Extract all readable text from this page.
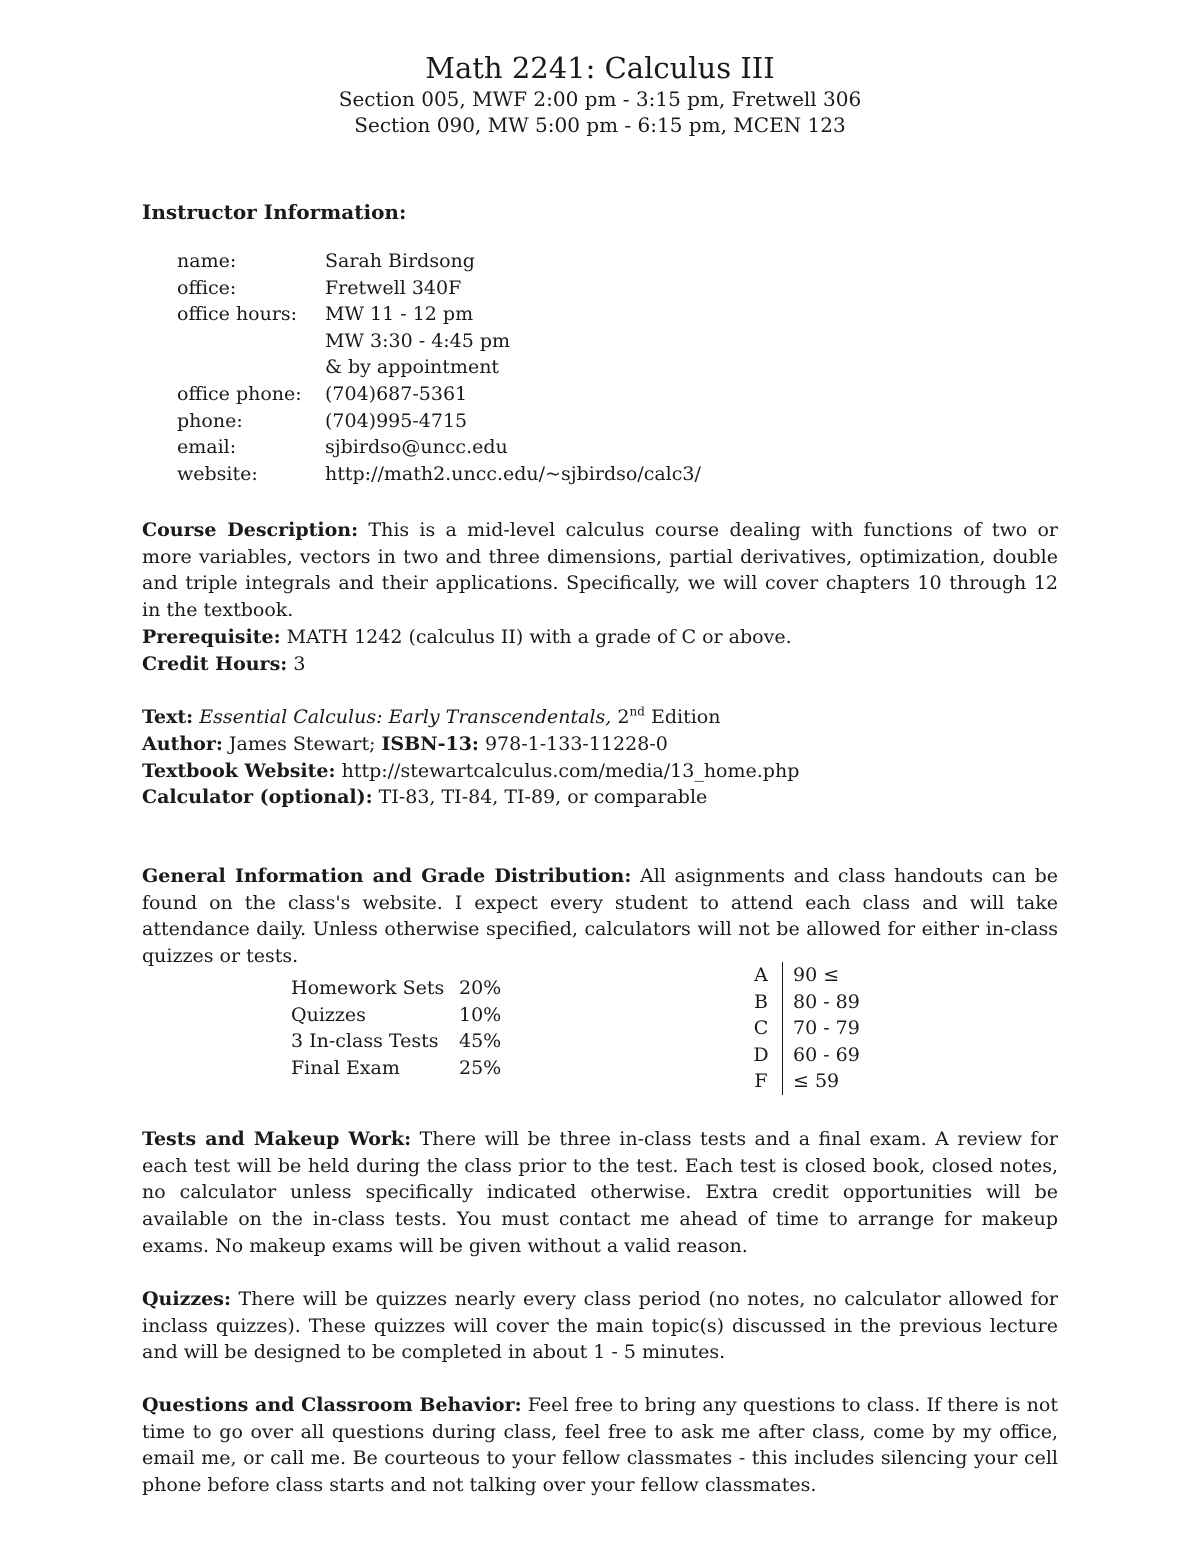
Math 2241: Calculus III
Section 005, MWF 2:00 pm - 3:15 pm, Fretwell 306
Section 090, MW 5:00 pm - 6:15 pm, MCEN 123
Instructor Information:
name:	Sarah Birdsong
office:	Fretwell 340F
office hours:	MW 11 - 12 pm
MW 3:30 - 4:45 pm
& by appointment
office phone:	(704)687-5361
phone:	(704)995-4715
email:	sjbirdso@uncc.edu
website:	http://math2.uncc.edu/~sjbirdso/calc3/
Course Description: This is a mid-level calculus course dealing with functions of two or more variables, vectors in two and three dimensions, partial derivatives, optimization, double and triple integrals and their applications. Specifically, we will cover chapters 10 through 12 in the textbook.
Prerequisite: MATH 1242 (calculus II) with a grade of C or above.
Credit Hours: 3
Text: Essential Calculus: Early Transcendentals, 2nd Edition
Author: James Stewart; ISBN-13: 978-1-133-11228-0
Textbook Website: http://stewartcalculus.com/media/13_home.php
Calculator (optional): TI-83, TI-84, TI-89, or comparable
General Information and Grade Distribution: All asignments and class handouts can be found on the class's website. I expect every student to attend each class and will take attendance daily. Unless otherwise specified, calculators will not be allowed for either in-class quizzes or tests.
Homework Sets 20%
Quizzes	10%
3 In-class Tests	45%
Final Exam	25%
A	90 ≤
B	80 - 89
C	70 - 79
D	60 - 69
F	≤ 59
Tests and Makeup Work: There will be three in-class tests and a final exam. A review for each test will be held during the class prior to the test. Each test is closed book, closed notes, no calculator unless specifically indicated otherwise. Extra credit opportunities will be available on the in-class tests. You must contact me ahead of time to arrange for makeup exams. No makeup exams will be given without a valid reason.
Quizzes: There will be quizzes nearly every class period (no notes, no calculator allowed for inclass quizzes). These quizzes will cover the main topic(s) discussed in the previous lecture and will be designed to be completed in about 1 - 5 minutes.
Questions and Classroom Behavior: Feel free to bring any questions to class. If there is not time to go over all questions during class, feel free to ask me after class, come by my office, email me, or call me. Be courteous to your fellow classmates - this includes silencing your cell phone before class starts and not talking over your fellow classmates.
